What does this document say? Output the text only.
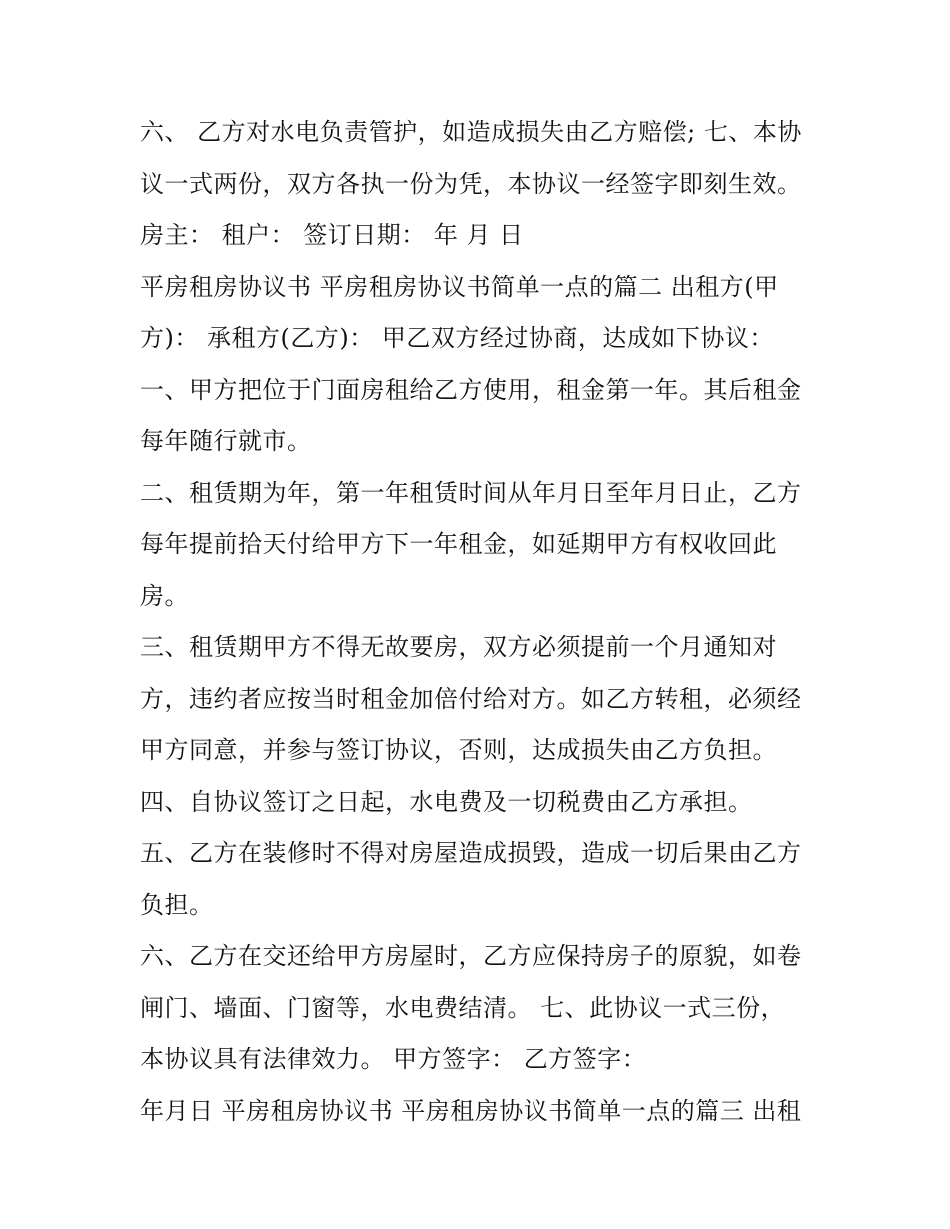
六、 乙方对水电负责管护，如造成损失由乙方赔偿; 七、本协
议一式两份，双方各执一份为凭，本协议一经签字即刻生效。
房主： 租户： 签订日期： 年 月 日
平房租房协议书 平房租房协议书简单一点的篇二 出租方(甲
方)： 承租方(乙方)： 甲乙双方经过协商，达成如下协议：
一、甲方把位于门面房租给乙方使用，租金第一年。其后租金
每年随行就市。
二、租赁期为年，第一年租赁时间从年月日至年月日止，乙方
每年提前拾天付给甲方下一年租金，如延期甲方有权收回此
房。
三、租赁期甲方不得无故要房，双方必须提前一个月通知对
方，违约者应按当时租金加倍付给对方。如乙方转租，必须经
甲方同意，并参与签订协议，否则，达成损失由乙方负担。
四、自协议签订之日起，水电费及一切税费由乙方承担。
五、乙方在装修时不得对房屋造成损毁，造成一切后果由乙方
负担。
六、乙方在交还给甲方房屋时，乙方应保持房子的原貌，如卷
闸门、墙面、门窗等，水电费结清。 七、此协议一式三份，
本协议具有法律效力。 甲方签字： 乙方签字：
年月日 平房租房协议书 平房租房协议书简单一点的篇三 出租
